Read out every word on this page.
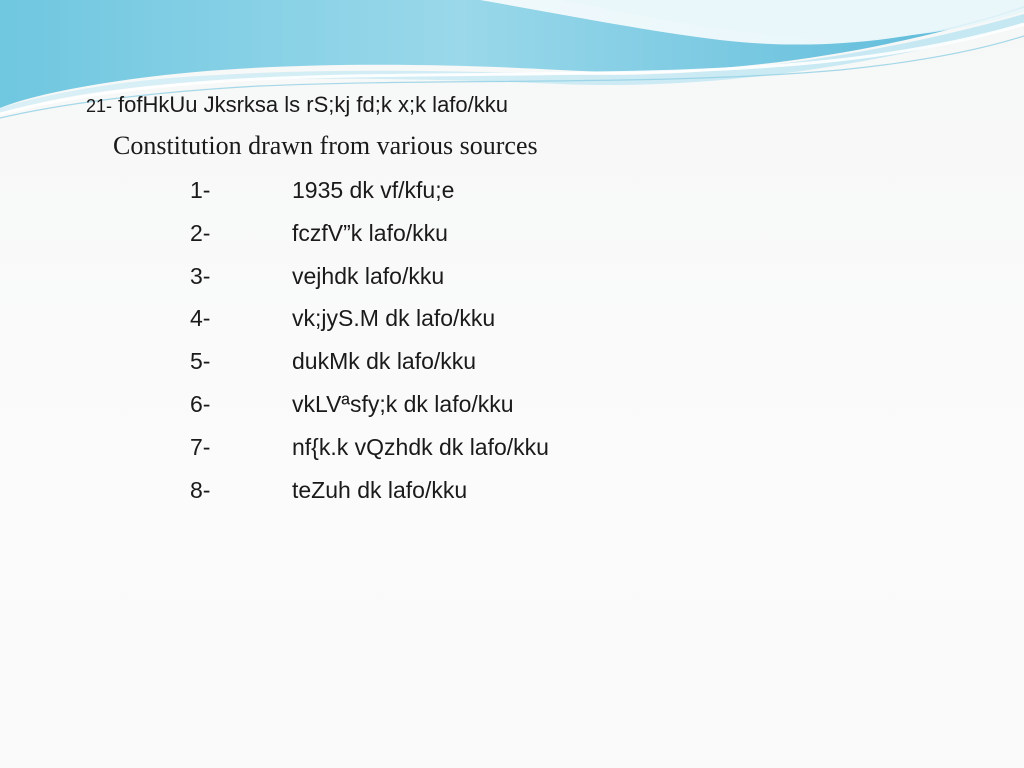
21- fofHkUu Jksrksa ls rS;kj fd;k x;k lafo/kku
Constitution drawn from various sources
1-	1935 dk vf/kfu;e
2-	fczfV”k lafo/kku
3-	vejhdk lafo/kku
4-	vk;jyS.M dk lafo/kku
5-	dukMk dk lafo/kku
6-	vkLVªsfy;k dk lafo/kku
7-	nf{k.k vQzhdk dk lafo/kku
8-	teZuh dk lafo/kku
